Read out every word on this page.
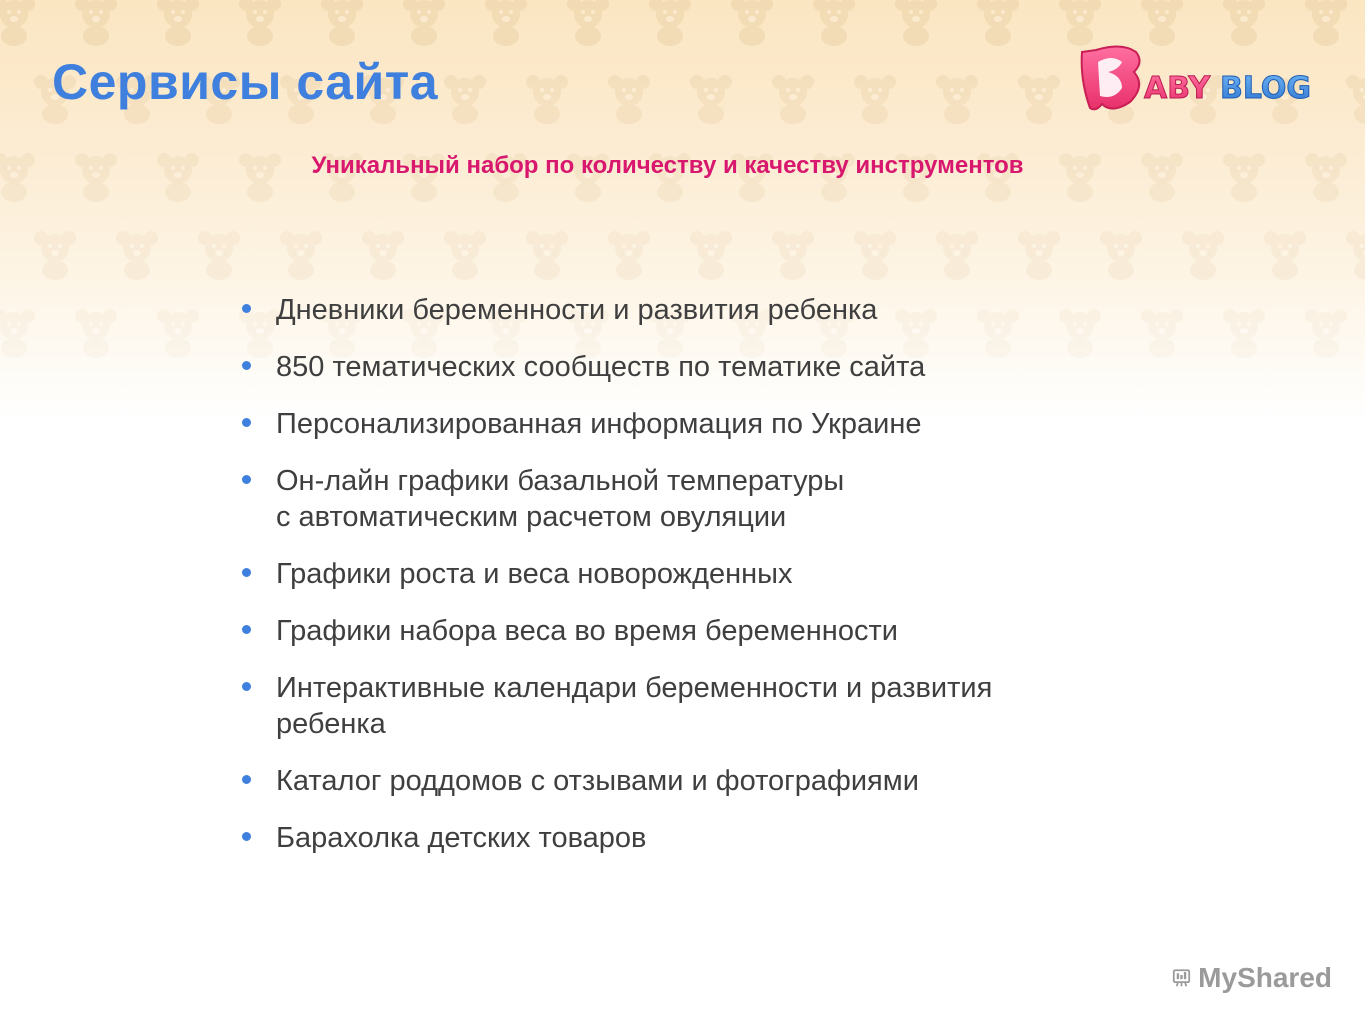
Сервисы сайта	ABY BLOG

Уникальный набор по количеству и качеству инструментов

Дневники беременности и развития ребенка
850 тематических сообществ по тематике сайта
Персонализированная информация по Украине
Он-лайн графики базальной температуры
с автоматическим расчетом овуляции
Графики роста и веса новорожденных
Графики набора веса во время беременности
Интерактивные календари беременности и развития
ребенка
Каталог роддомов с отзывами и фотографиями
Барахолка детских товаров
MyShared
